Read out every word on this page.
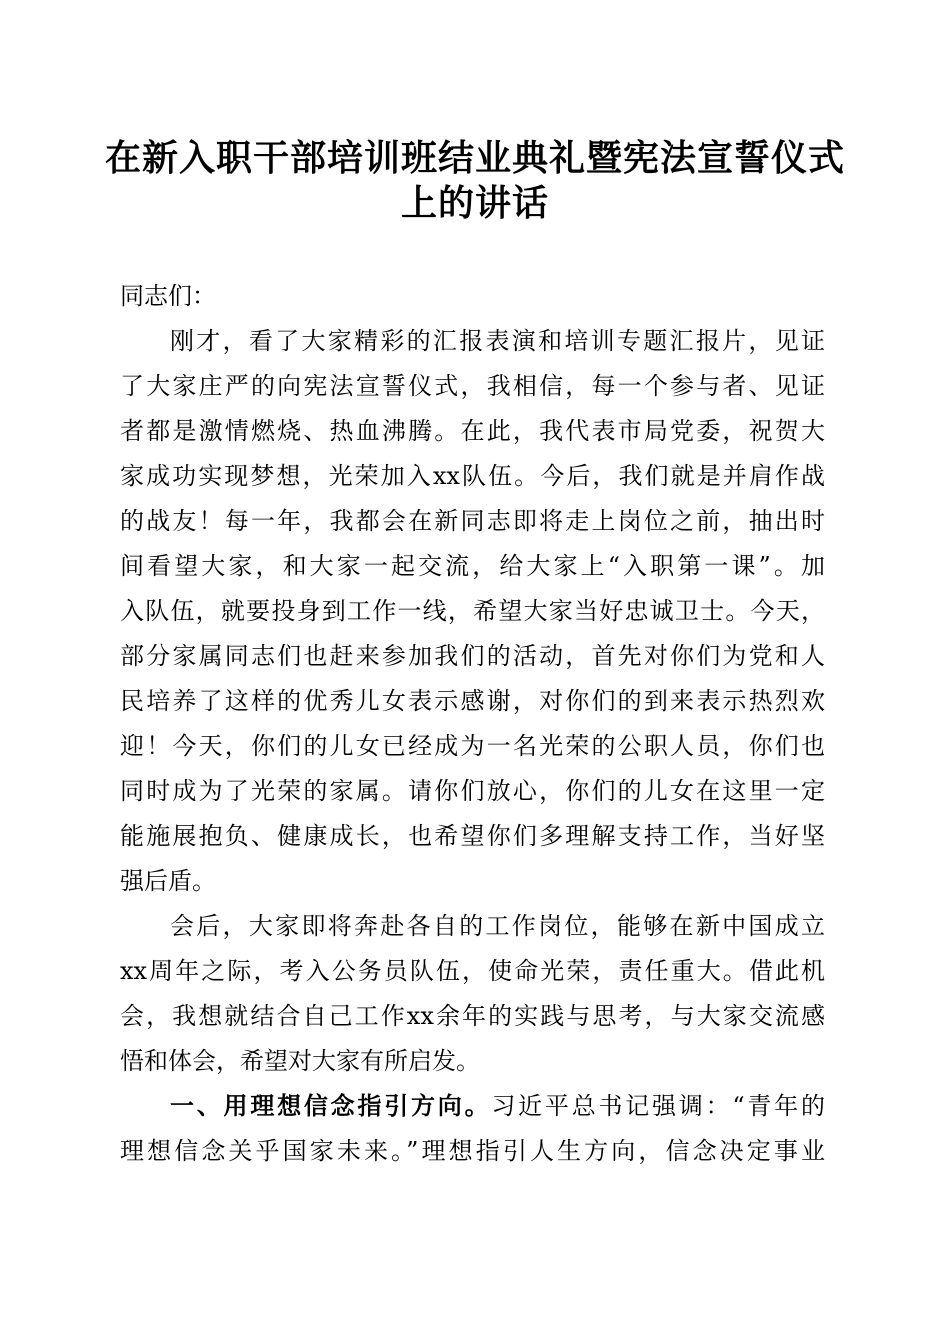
在新入职干部培训班结业典礼暨宪法宣誓仪式
上的讲话
同志们：
刚才，看了大家精彩的汇报表演和培训专题汇报片，见证
了大家庄严的向宪法宣誓仪式，我相信，每一个参与者、见证
者都是激情燃烧、热血沸腾。在此，我代表市局党委，祝贺大
家成功实现梦想，光荣加入xx队伍。今后，我们就是并肩作战
的战友！每一年，我都会在新同志即将走上岗位之前，抽出时
间看望大家，和大家一起交流，给大家上“入职第一课”。加
入队伍，就要投身到工作一线，希望大家当好忠诚卫士。今天，
部分家属同志们也赶来参加我们的活动，首先对你们为党和人
民培养了这样的优秀儿女表示感谢，对你们的到来表示热烈欢
迎！今天，你们的儿女已经成为一名光荣的公职人员，你们也
同时成为了光荣的家属。请你们放心，你们的儿女在这里一定
能施展抱负、健康成长，也希望你们多理解支持工作，当好坚
强后盾。
会后，大家即将奔赴各自的工作岗位，能够在新中国成立
xx周年之际，考入公务员队伍，使命光荣，责任重大。借此机
会，我想就结合自己工作xx余年的实践与思考，与大家交流感
悟和体会，希望对大家有所启发。
一、用理想信念指引方向。习近平总书记强调：“青年的
理想信念关乎国家未来。”理想指引人生方向，信念决定事业
